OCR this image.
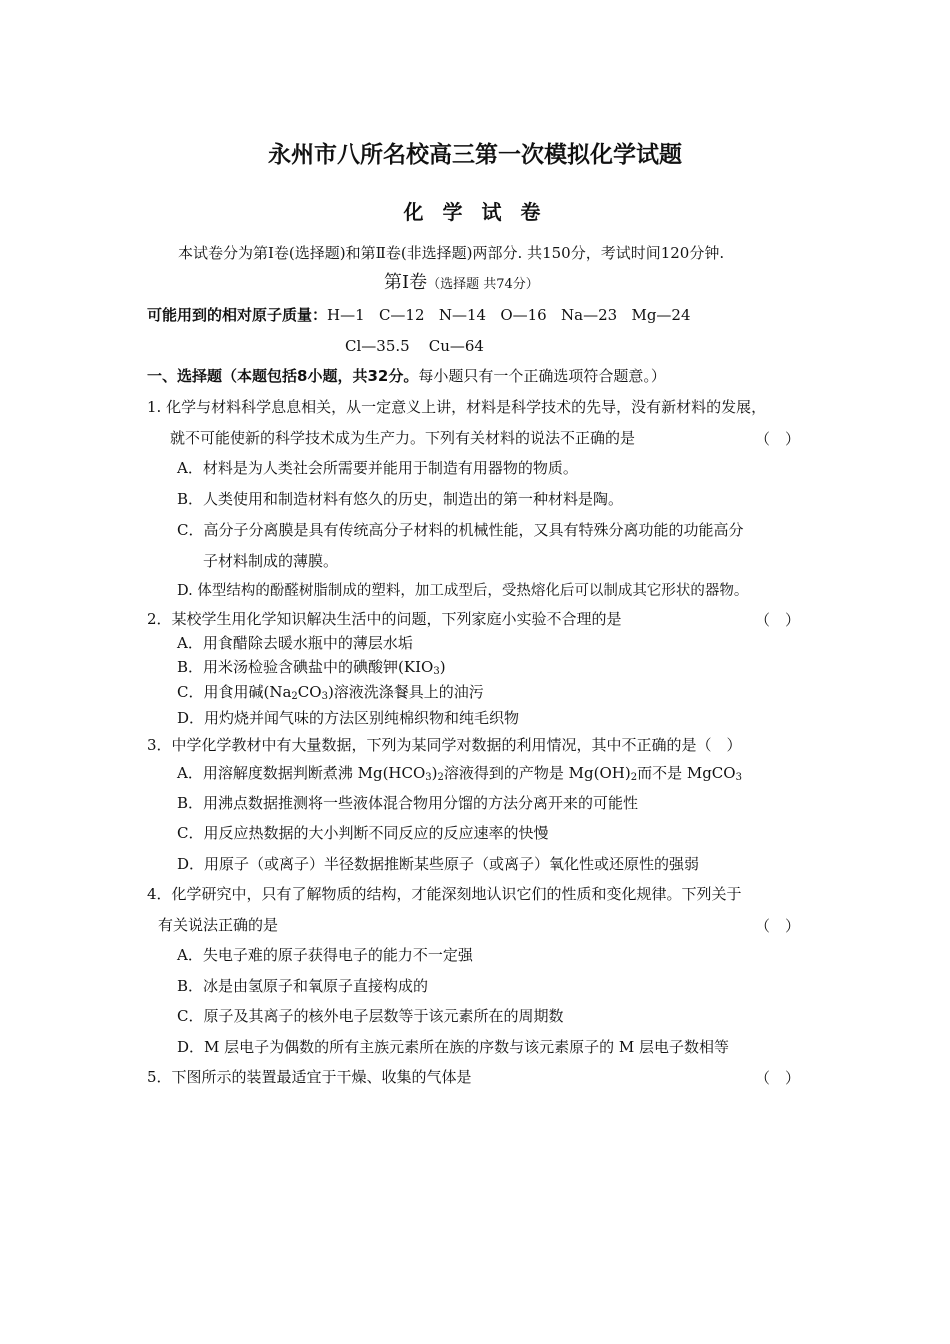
永州市八所名校高三第一次模拟化学试题
化 学 试 卷
本试卷分为第Ⅰ卷(选择题)和第Ⅱ卷(非选择题)两部分. 共150分，考试时间120分钟.
第Ⅰ卷（选择题 共74分）
可能用到的相对原子质量：H—1   C—12   N—14   O—16   Na—23   Mg—24
Cl—35.5    Cu—64
一、选择题（本题包括8小题，共32分。每小题只有一个正确选项符合题意。）
1. 化学与材料科学息息相关，从一定意义上讲，材料是科学技术的先导，没有新材料的发展，
就不可能使新的科学技术成为生产力。下列有关材料的说法不正确的是	（　）
A．材料是为人类社会所需要并能用于制造有用器物的物质。
B．人类使用和制造材料有悠久的历史，制造出的第一种材料是陶。
C．高分子分离膜是具有传统高分子材料的机械性能，又具有特殊分离功能的功能高分
子材料制成的薄膜。
D. 体型结构的酚醛树脂制成的塑料，加工成型后，受热熔化后可以制成其它形状的器物。
2．某校学生用化学知识解决生活中的问题，下列家庭小实验不合理的是	（　）
A．用食醋除去暖水瓶中的薄层水垢
B．用米汤检验含碘盐中的碘酸钾$(KIO_3)$
C．用食用碱$(Na_2CO_3)$溶液洗涤餐具上的油污
D．用灼烧并闻气味的方法区别纯棉织物和纯毛织物
3．中学化学教材中有大量数据，下列为某同学对数据的利用情况，其中不正确的是（　）
A．用溶解度数据判断煮沸 $Mg(HCO_3)_2$溶液得到的产物是 $Mg(OH)_2$而不是 MgCO$_3$
B．用沸点数据推测将一些液体混合物用分馏的方法分离开来的可能性
C．用反应热数据的大小判断不同反应的反应速率的快慢
D．用原子（或离子）半径数据推断某些原子（或离子）氧化性或还原性的强弱
4．化学研究中，只有了解物质的结构，才能深刻地认识它们的性质和变化规律。下列关于
有关说法正确的是	（　）
A．失电子难的原子获得电子的能力不一定强
B．冰是由氢原子和氧原子直接构成的
C．原子及其离子的核外电子层数等于该元素所在的周期数
D．M 层电子为偶数的所有主族元素所在族的序数与该元素原子的 M 层电子数相等
5．下图所示的装置最适宜于干燥、收集的气体是	（　）
